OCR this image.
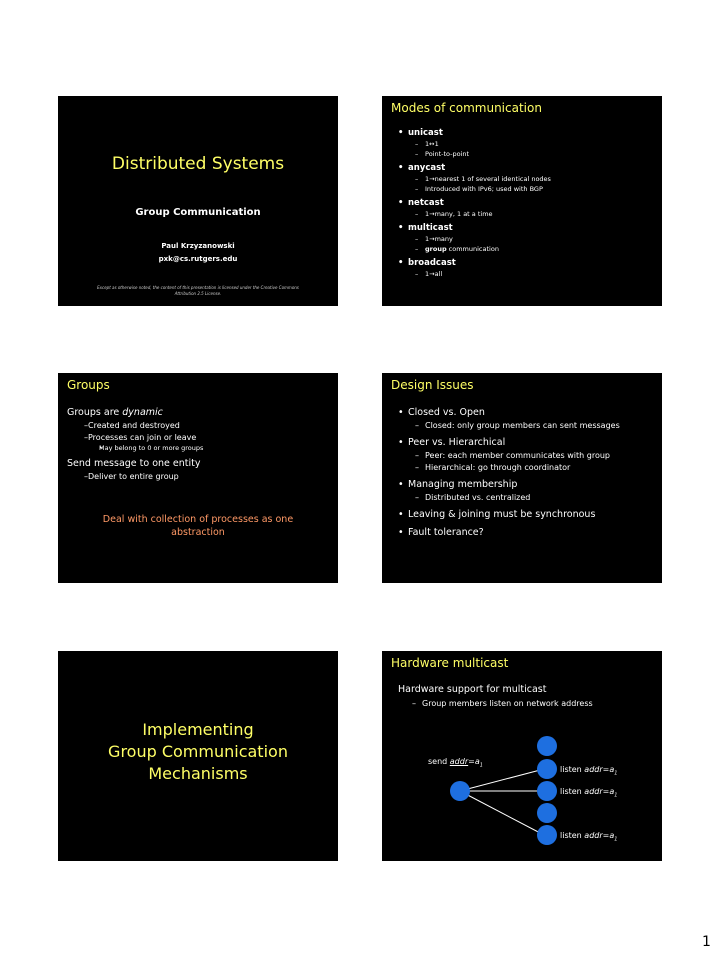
Distributed Systems
Group Communication
Paul Krzyzanowski
pxk@cs.rutgers.edu
Except as otherwise noted, the content of this presentation is licensed under the Creative Commons
Attribution 2.5 License.
Modes of communication
• unicast
– 1↔1
– Point-to-point
• anycast
– 1→nearest 1 of several identical nodes
– Introduced with IPv6; used with BGP
• netcast
– 1→many, 1 at a time
• multicast
– 1→many
– group communication
• broadcast
– 1→all
Groups
Groups are dynamic
– Created and destroyed
– Processes can join or leave
• May belong to 0 or more groups
Send message to one entity
– Deliver to entire group
Deal with collection of processes as one
abstraction
Design Issues
• Closed vs. Open
– Closed: only group members can sent messages
• Peer vs. Hierarchical
– Peer: each member communicates with group
– Hierarchical: go through coordinator
• Managing membership
– Distributed vs. centralized
• Leaving & joining must be synchronous
• Fault tolerance?
Implementing
Group Communication
Mechanisms
Hardware multicast
Hardware support for multicast
– Group members listen on network address
send $addr=a_1$	listen $addr=a_1$
listen $addr=a_1$
listen $addr=a_1$
1
